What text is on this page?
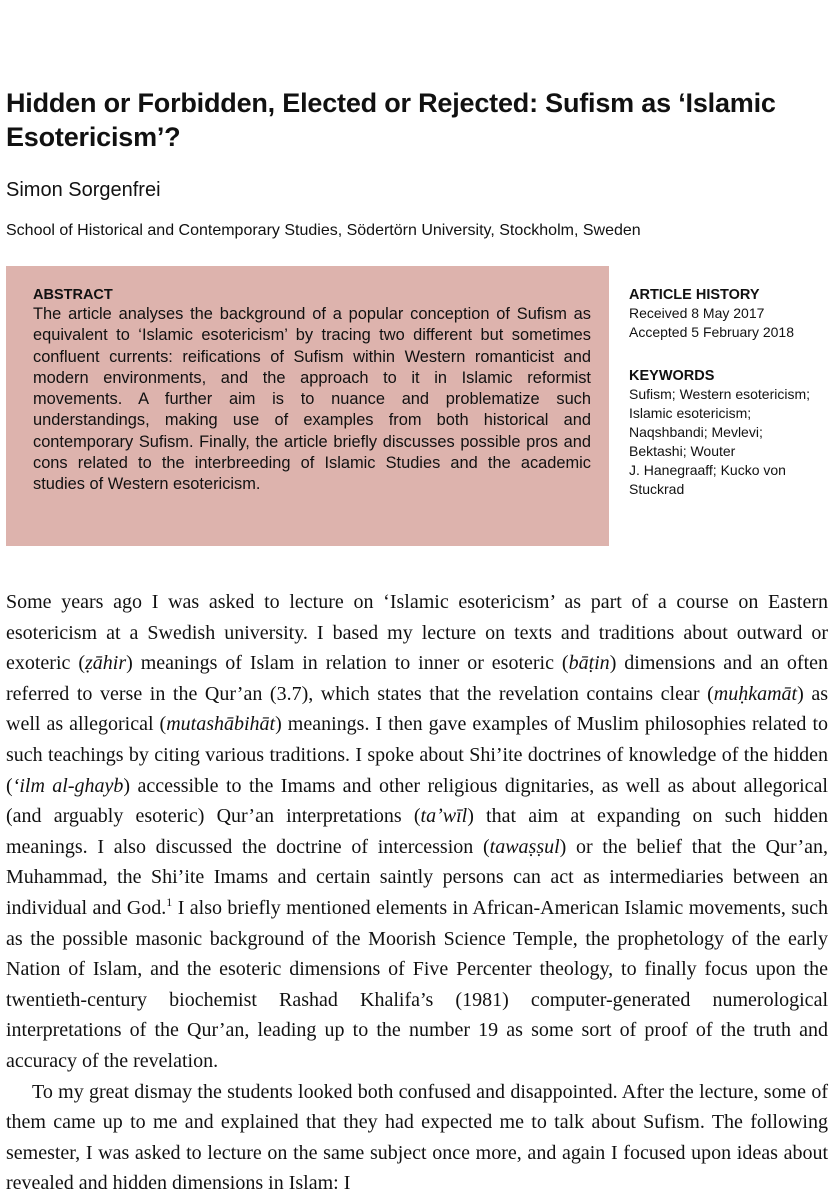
Hidden or Forbidden, Elected or Rejected: Sufism as ‘Islamic Esotericism’?

Simon Sorgenfrei

School of Historical and Contemporary Studies, Södertörn University, Stockholm, Sweden

ABSTRACT

The article analyses the background of a popular conception of Sufism as equivalent to ‘Islamic esotericism’ by tracing two different but sometimes confluent currents: reifications of Sufism within Western romanticist and modern environments, and the approach to it in Islamic reformist movements. A further aim is to nuance and problematize such understandings, making use of examples from both historical and contemporary Sufism. Finally, the article briefly discusses possible pros and cons related to the interbreeding of Islamic Studies and the academic studies of Western esotericism.

ARTICLE HISTORY

Received 8 May 2017

Accepted 5 February 2018

KEYWORDS

Sufism; Western esotericism;

Islamic esotericism;

Naqshbandi; Mevlevi;

Bektashi; Wouter

J. Hanegraaff; Kucko von

Stuckrad

Some years ago I was asked to lecture on ‘Islamic esotericism’ as part of a course on Eastern esotericism at a Swedish university. I based my lecture on texts and traditions about outward or exoteric (ẓāhir) meanings of Islam in relation to inner or esoteric (bāṭin) dimensions and an often referred to verse in the Qur’an (3.7), which states that the revelation contains clear (muḥkamāt) as well as allegorical (mutashābihāt) meanings. I then gave examples of Muslim philosophies related to such teachings by citing various traditions. I spoke about Shi’ite doctrines of knowledge of the hidden (‘ilm al-ghayb) accessible to the Imams and other religious dignitaries, as well as about allegorical (and arguably esoteric) Qur’an interpretations (taʼwīl) that aim at expanding on such hidden meanings. I also discussed the doctrine of intercession (tawaṣṣul) or the belief that the Qur’an, Muhammad, the Shi’ite Imams and certain saintly persons can act as intermediaries between an individual and God.$^1$ I also briefly mentioned elements in African-American Islamic movements, such as the possible masonic background of the Moorish Science Temple, the prophetology of the early Nation of Islam, and the esoteric dimensions of Five Percenter theology, to finally focus upon the twentieth-century biochemist Rashad Khalifa’s (1981) computer-generated numerological interpretations of the Qur’an, leading up to the number 19 as some sort of proof of the truth and accuracy of the revelation.

To my great dismay the students looked both confused and disappointed. After the lecture, some of them came up to me and explained that they had expected me to talk about Sufism. The following semester, I was asked to lecture on the same subject once more, and again I focused upon ideas about revealed and hidden dimensions in Islam: I
